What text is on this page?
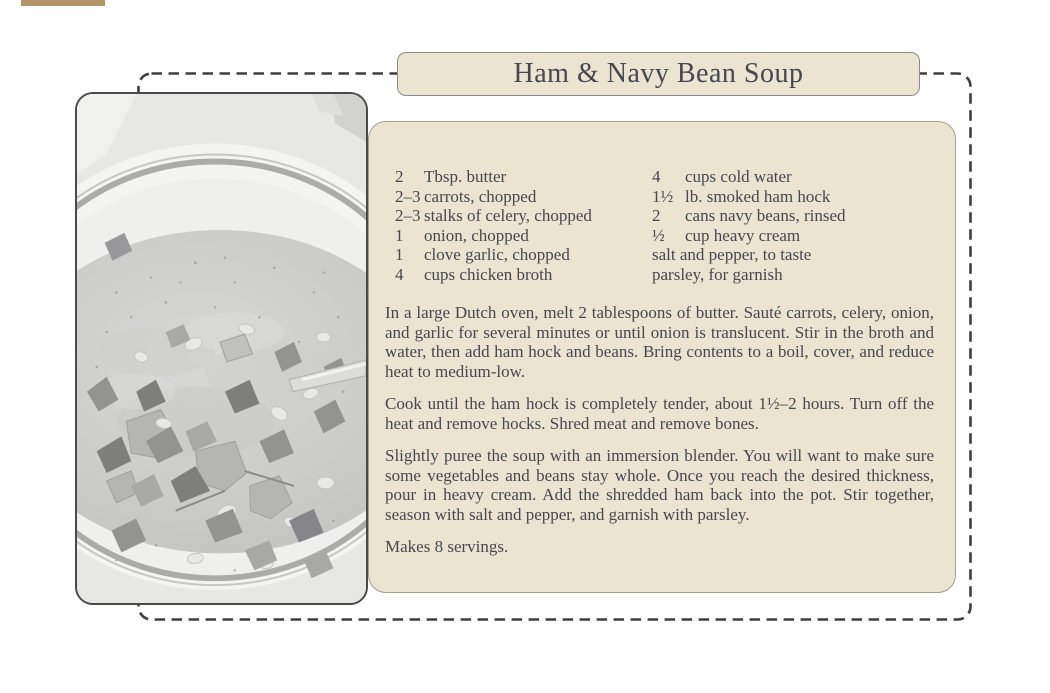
2	Tbsp. butter
2–3 carrots, chopped
2–3 stalks of celery, chopped
1	onion, chopped
1	clove garlic, chopped
4	cups chicken broth
4	cups cold water
1½ lb. smoked ham hock
2	cans navy beans, rinsed
½	cup heavy cream
salt and pepper, to taste
parsley, for garnish

In a large Dutch oven, melt 2 tablespoons of butter. Sauté carrots, celery, onion, and garlic for several minutes or until onion is translucent. Stir in the broth and water, then add ham hock and beans. Bring contents to a boil, cover, and reduce heat to medium-low.

Cook until the ham hock is completely tender, about 1½–2 hours. Turn off the heat and remove hocks. Shred meat and remove bones.

Slightly puree the soup with an immersion blender. You will want to make sure some vegetables and beans stay whole. Once you reach the desired thickness, pour in heavy cream. Add the shredded ham back into the pot. Stir together, season with salt and pepper, and garnish with parsley.

Makes 8 servings.

Ham & Navy Bean Soup
